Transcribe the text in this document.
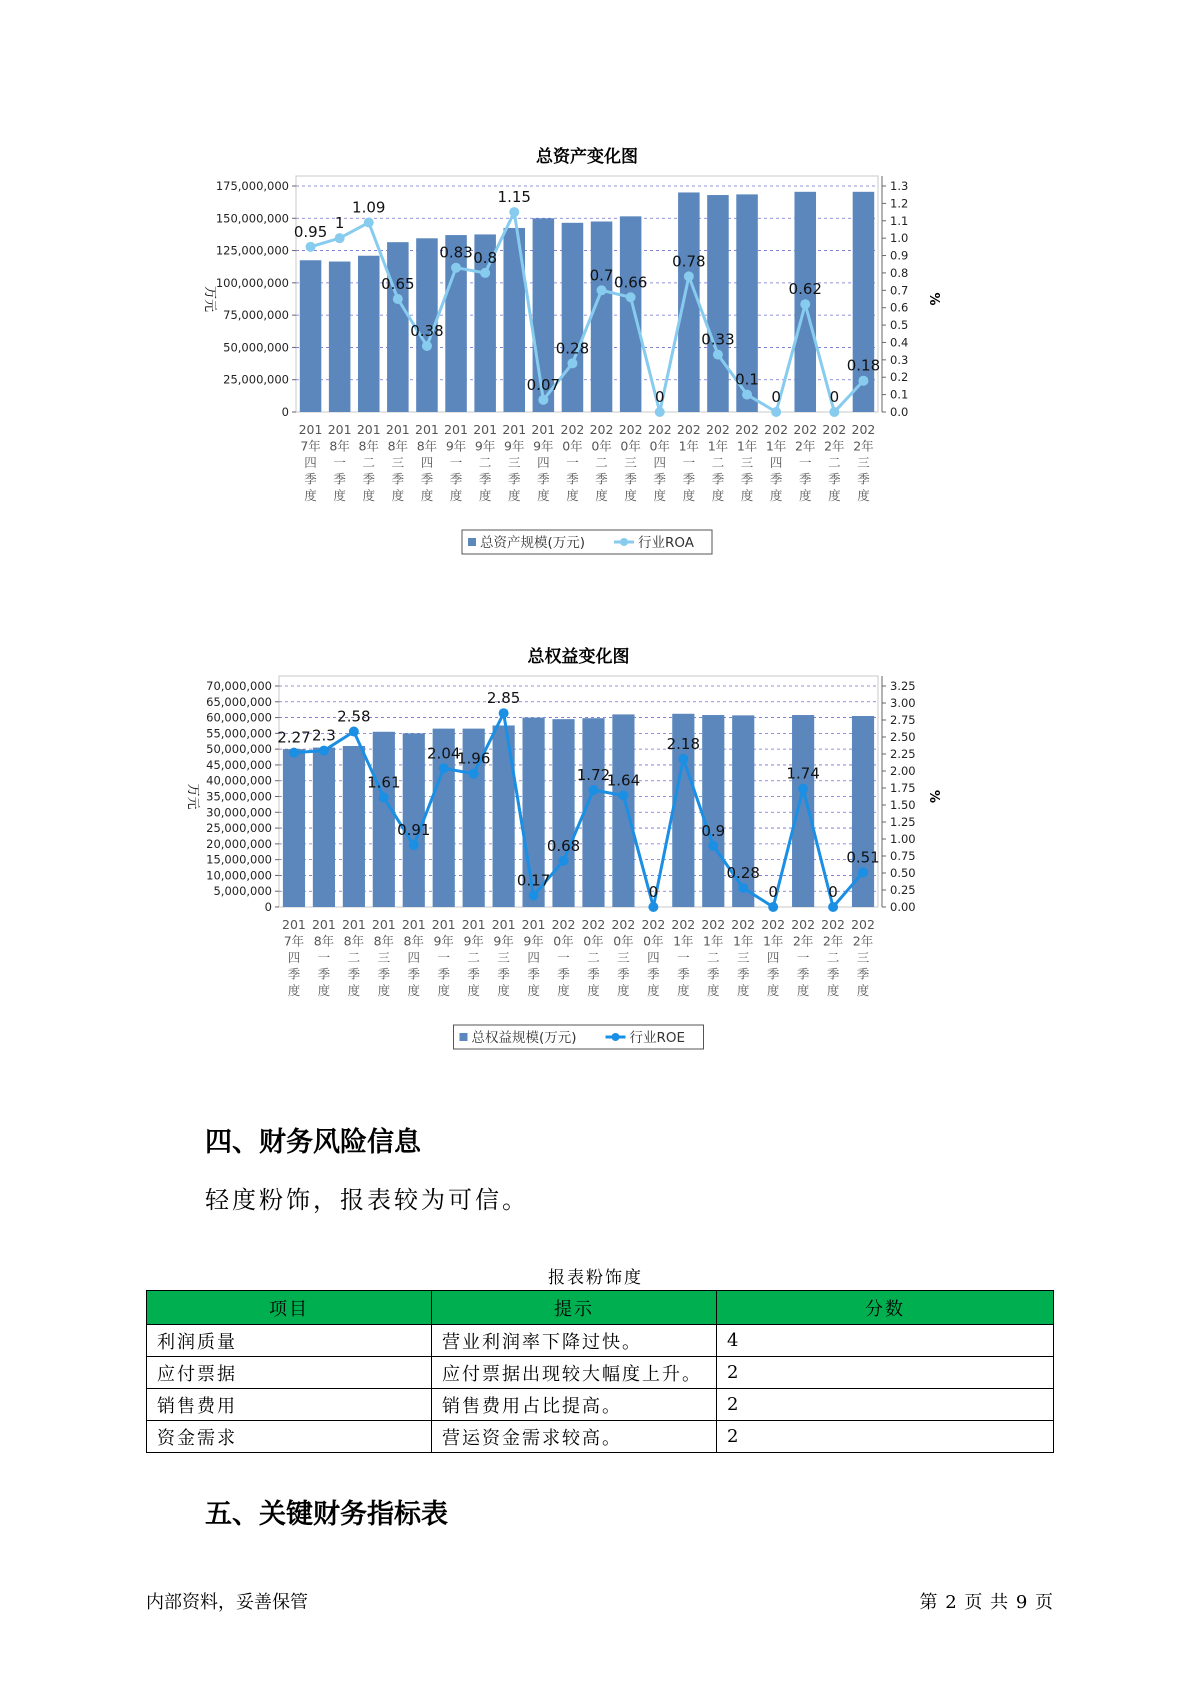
总资产变化图
0
25,000,000
50,000,000
75,000,000
100,000,000
125,000,000
150,000,000
175,000,000
0.0
0.1
0.2
0.3
0.4
0.5
0.6
0.7
0.8
0.9
1.0
1.1
1.2
1.3
万元	%
201 7年四季度
201 8年一季度
201 8年二季度
201 8年三季度
201 8年四季度
201 9年一季度
201 9年二季度
201 9年三季度
201 9年四季度
202 0年一季度
202 0年二季度
202 0年三季度
202 0年四季度
202 1年一季度
202 1年二季度
202 1年三季度
202 1年四季度
202 2年一季度
202 2年二季度
202 2年三季度
0.95 1
1.09
0.65
0.38
0.83 0.8
1.15
0.07
0.28
0.7 0.66
0
0.78
0.33
0.1
0
0.62
0
0.18
总资产规模(万元)	行业ROA
总权益变化图
0
5,000,000
10,000,000
15,000,000
20,000,000
25,000,000
30,000,000
35,000,000
40,000,000
45,000,000
50,000,000
55,000,000
60,000,000
65,000,000
70,000,000
0.00
0.25
0.50
0.75
1.00
1.25
1.50
1.75
2.00
2.25
2.50
2.75
3.00
3.25
万元	%
201 7年四季度
201 8年一季度
201 8年二季度
201 8年三季度
201 8年四季度
201 9年一季度
201 9年二季度
201 9年三季度
201 9年四季度
202 0年一季度
202 0年二季度
202 0年三季度
202 0年四季度
202 1年一季度
202 1年二季度
202 1年三季度
202 1年四季度
202 2年一季度
202 2年二季度
202 2年三季度
2.27 2.3
2.58
1.61
0.91
2.04
1.96
2.85
0.17
0.68
1.72
1.64
0
2.18
0.9
0.28
0
1.74
0
0.51
总权益规模(万元)	行业ROE
四、财务风险信息

轻度粉饰，报表较为可信。

报表粉饰度

项目	提示	分数
利润质量	营业利润率下降过快。	4
应付票据	应付票据出现较大幅度上升。	2
销售费用	销售费用占比提高。	2
资金需求	营运资金需求较高。	2
五、关键财务指标表
内部资料，妥善保管	第 2 页 共 9 页
